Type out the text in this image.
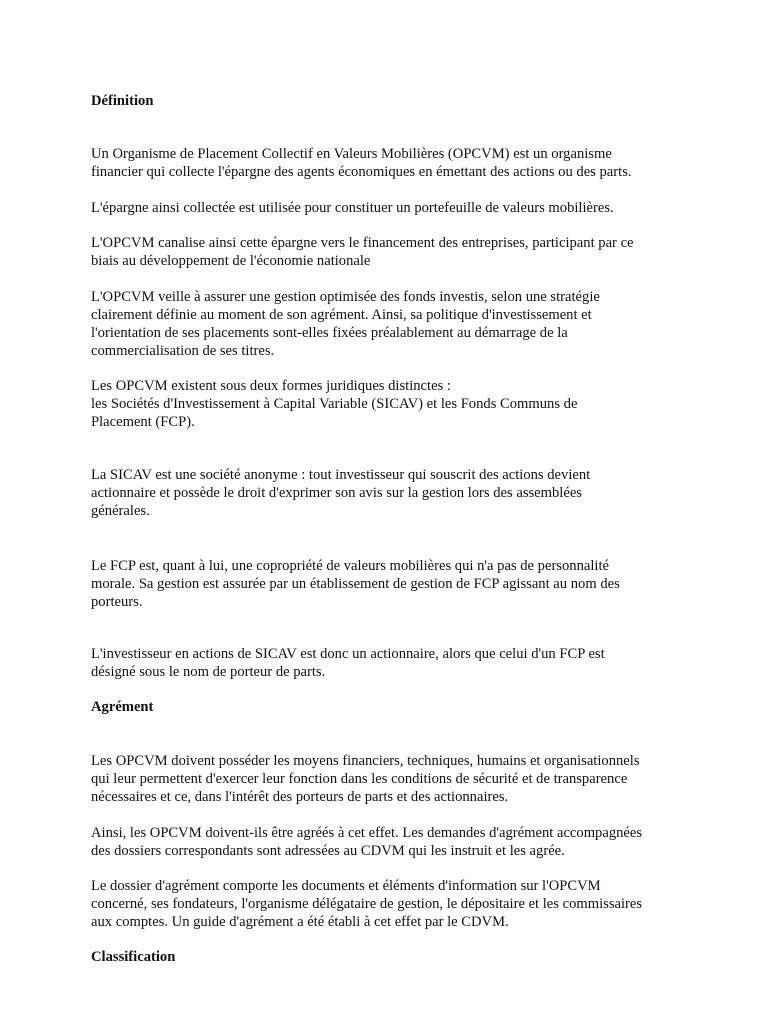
Définition

Un Organisme de Placement Collectif en Valeurs Mobilières (OPCVM) est un organisme
financier qui collecte l'épargne des agents économiques en émettant des actions ou des parts.

L'épargne ainsi collectée est utilisée pour constituer un portefeuille de valeurs mobilières.

L'OPCVM canalise ainsi cette épargne vers le financement des entreprises, participant par ce
biais au développement de l'économie nationale

L'OPCVM veille à assurer une gestion optimisée des fonds investis, selon une stratégie
clairement définie au moment de son agrément. Ainsi, sa politique d'investissement et
l'orientation de ses placements sont-elles fixées préalablement au démarrage de la
commercialisation de ses titres.

Les OPCVM existent sous deux formes juridiques distinctes :
les Sociétés d'Investissement à Capital Variable (SICAV) et les Fonds Communs de
Placement (FCP).

La SICAV est une société anonyme : tout investisseur qui souscrit des actions devient
actionnaire et possède le droit d'exprimer son avis sur la gestion lors des assemblées
générales.

Le FCP est, quant à lui, une copropriété de valeurs mobilières qui n'a pas de personnalité
morale. Sa gestion est assurée par un établissement de gestion de FCP agissant au nom des
porteurs.

L'investisseur en actions de SICAV est donc un actionnaire, alors que celui d'un FCP est
désigné sous le nom de porteur de parts.

Agrément

Les OPCVM doivent posséder les moyens financiers, techniques, humains et organisationnels
qui leur permettent d'exercer leur fonction dans les conditions de sécurité et de transparence
nécessaires et ce, dans l'intérêt des porteurs de parts et des actionnaires.

Ainsi, les OPCVM doivent-ils être agréés à cet effet. Les demandes d'agrément accompagnées
des dossiers correspondants sont adressées au CDVM qui les instruit et les agrée.

Le dossier d'agrément comporte les documents et éléments d'information sur l'OPCVM
concerné, ses fondateurs, l'organisme délégataire de gestion, le dépositaire et les commissaires
aux comptes. Un guide d'agrément a été établi à cet effet par le CDVM.

Classification
